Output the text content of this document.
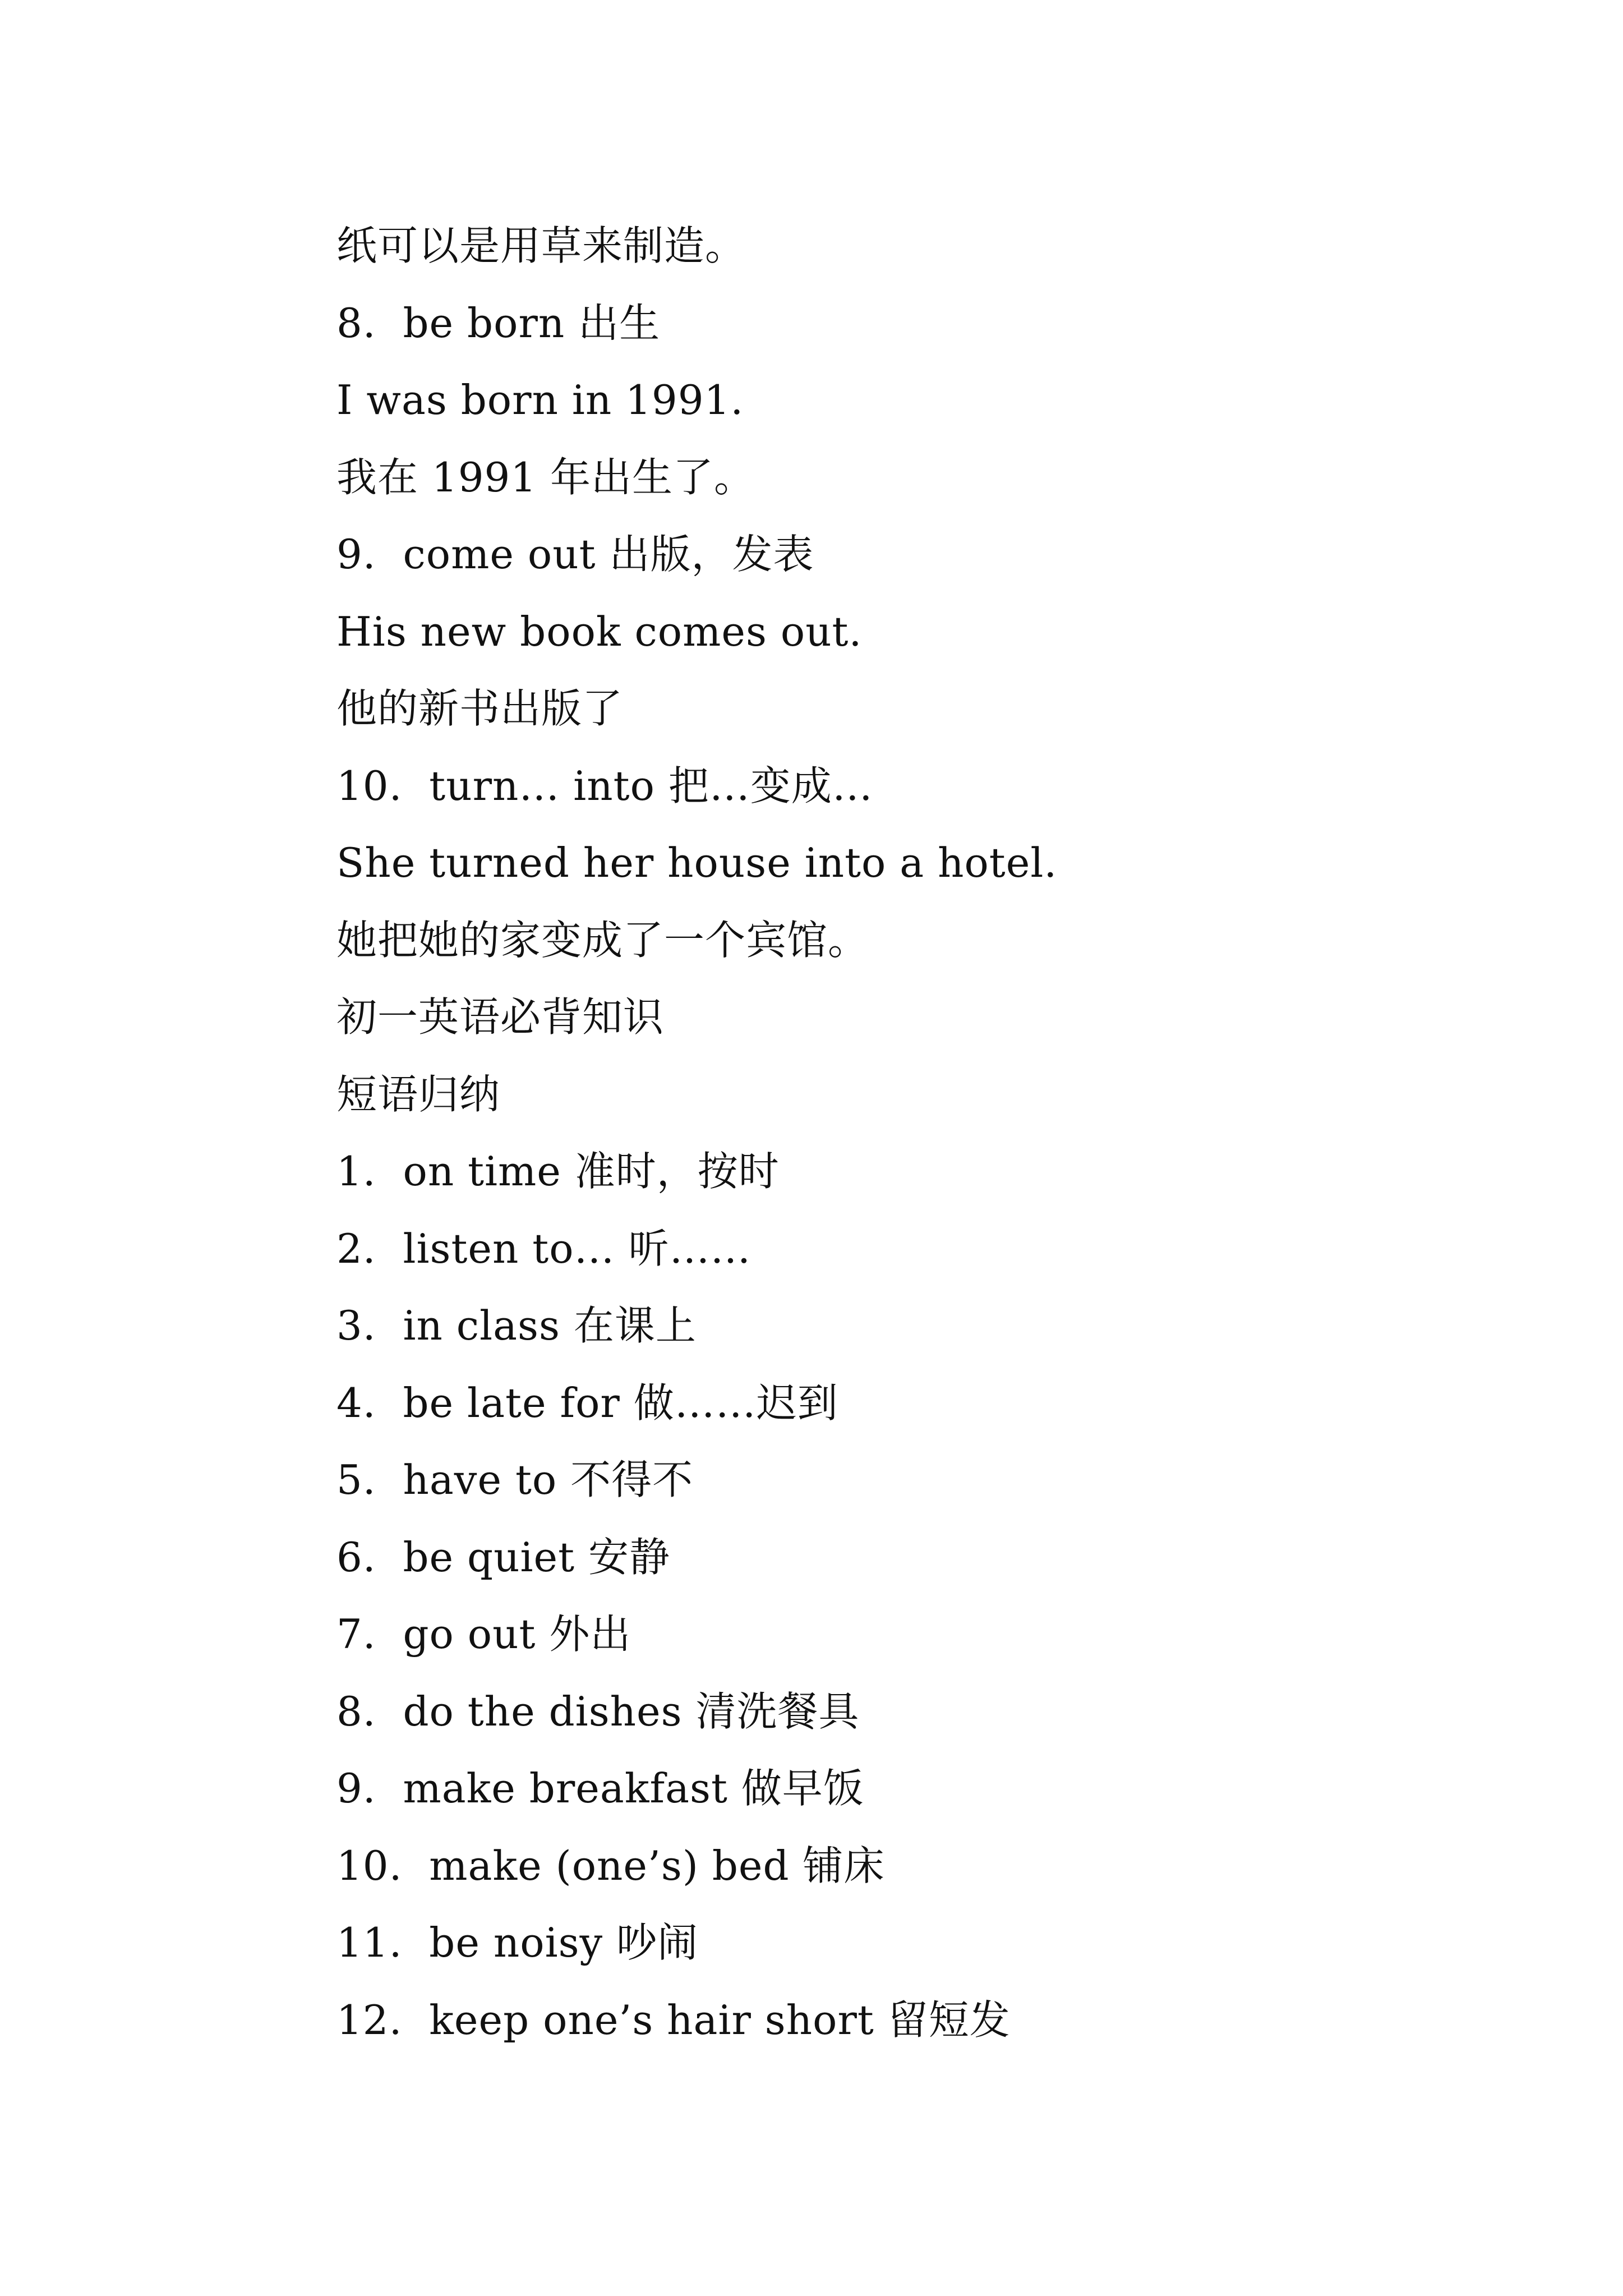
纸可以是用草来制造。
8.  be born 出生
I was born in 1991.
我在 1991 年出生了。
9.  come out 出版，发表
His new book comes out.
他的新书出版了
10.  turn… into 把…变成…
She turned her house into a hotel.
她把她的家变成了一个宾馆。
初一英语必背知识
短语归纳
1.  on time 准时，按时
2.  listen to… 听……
3.  in class 在课上
4.  be late for 做……迟到
5.  have to 不得不
6.  be quiet 安静
7.  go out 外出
8.  do the dishes 清洗餐具
9.  make breakfast 做早饭
10.  make (one’s) bed 铺床
11.  be noisy 吵闹
12.  keep one’s hair short 留短发
